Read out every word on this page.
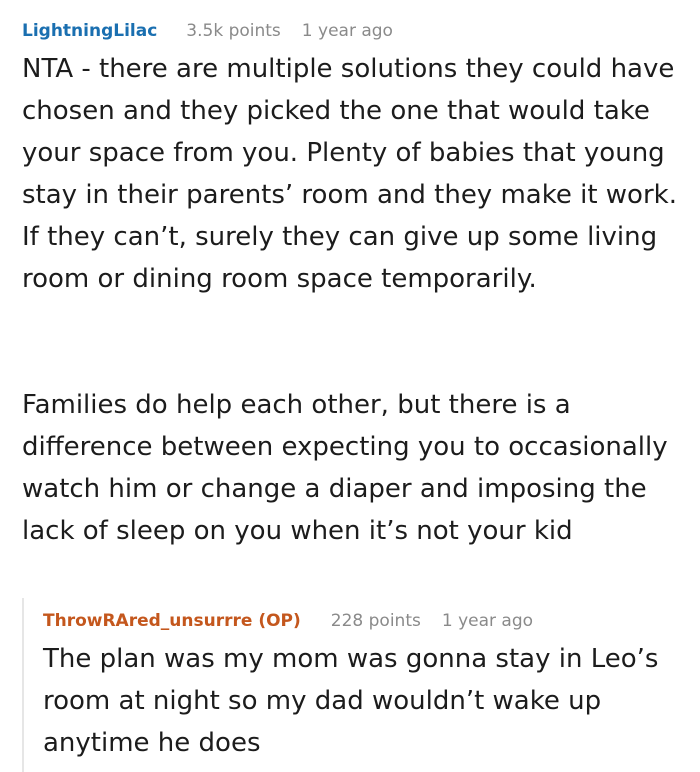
LightningLilac 3.5k points 1 year ago

NTA - there are multiple solutions they could have chosen and they picked the one that would take your space from you. Plenty of babies that young stay in their parents’ room and they make it work. If they can’t, surely they can give up some living room or dining room space temporarily.

Families do help each other, but there is a difference between expecting you to occasionally watch him or change a diaper and imposing the lack of sleep on you when it’s not your kid

ThrowRAred_unsurrre (OP) 228 points 1 year ago

The plan was my mom was gonna stay in Leo’s room at night so my dad wouldn’t wake up anytime he does
